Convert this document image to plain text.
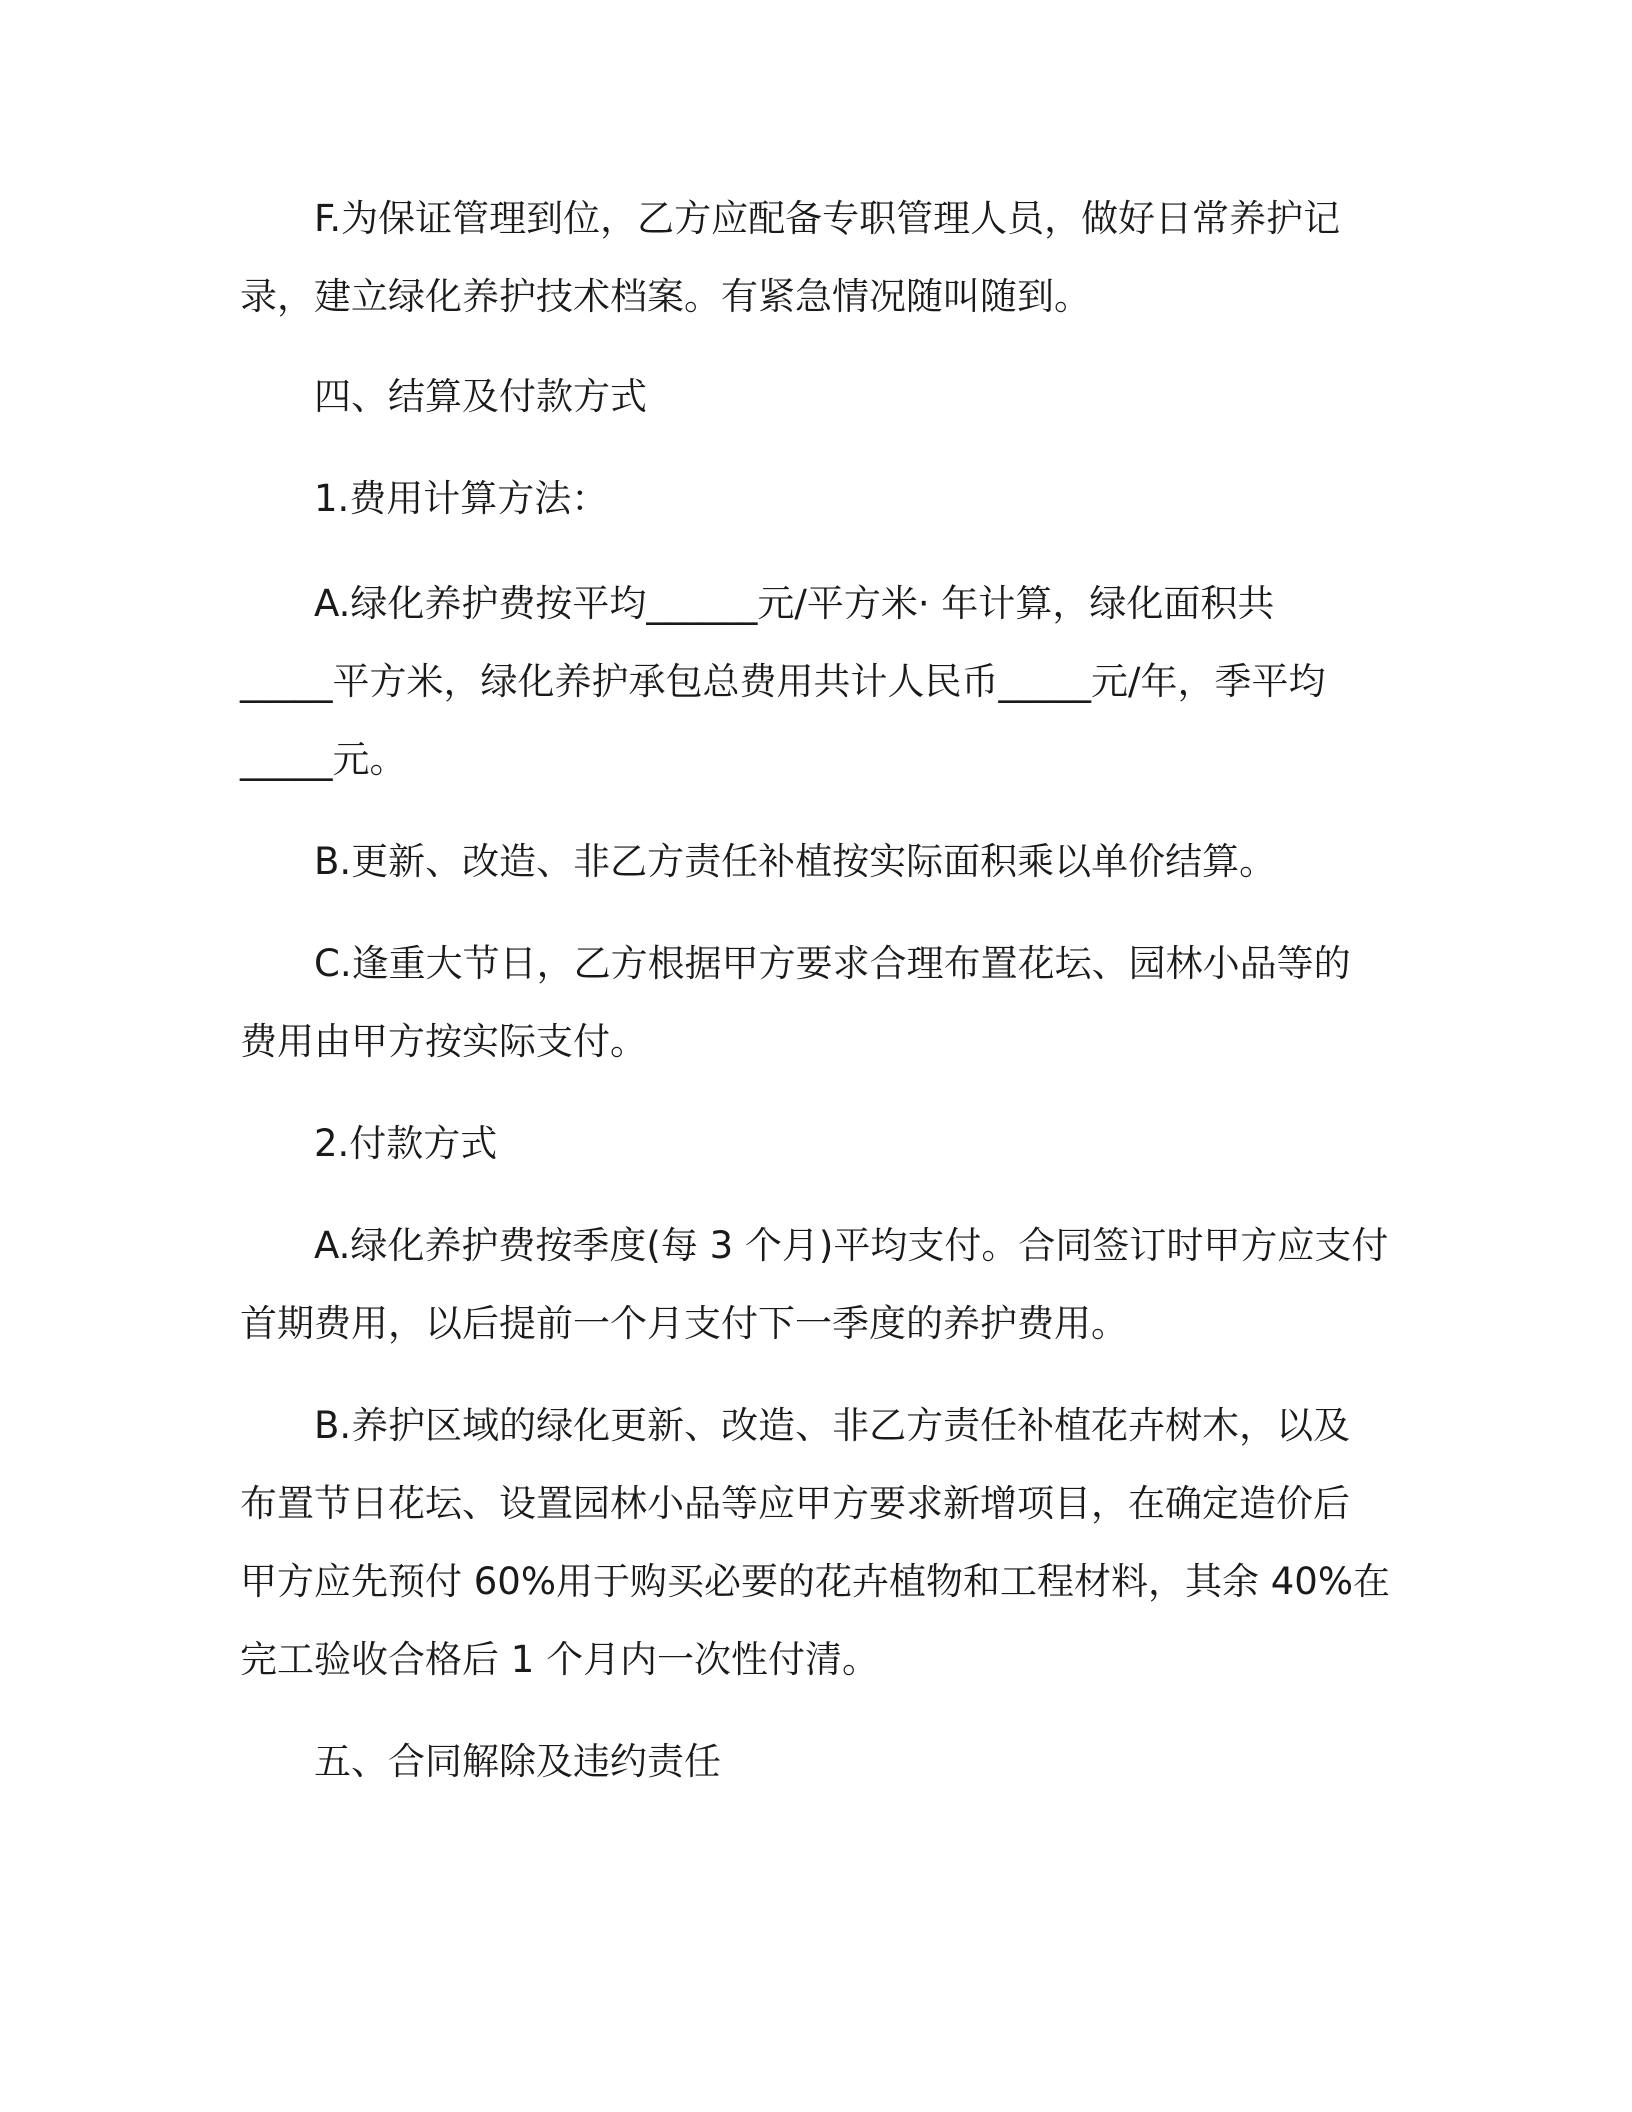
F.为保证管理到位，乙方应配备专职管理人员，做好日常养护记

录，建立绿化养护技术档案。有紧急情况随叫随到。

四、结算及付款方式

1.费用计算方法：

A.绿化养护费按平均______元/平方米· 年计算，绿化面积共

_____平方米，绿化养护承包总费用共计人民币_____元/年，季平均

_____元。

B.更新、改造、非乙方责任补植按实际面积乘以单价结算。

C.逢重大节日，乙方根据甲方要求合理布置花坛、园林小品等的

费用由甲方按实际支付。

2.付款方式

A.绿化养护费按季度(每 3 个月)平均支付。合同签订时甲方应支付

首期费用，以后提前一个月支付下一季度的养护费用。

B.养护区域的绿化更新、改造、非乙方责任补植花卉树木，以及

布置节日花坛、设置园林小品等应甲方要求新增项目，在确定造价后

甲方应先预付 60%用于购买必要的花卉植物和工程材料，其余 40%在

完工验收合格后 1 个月内一次性付清。

五、合同解除及违约责任
